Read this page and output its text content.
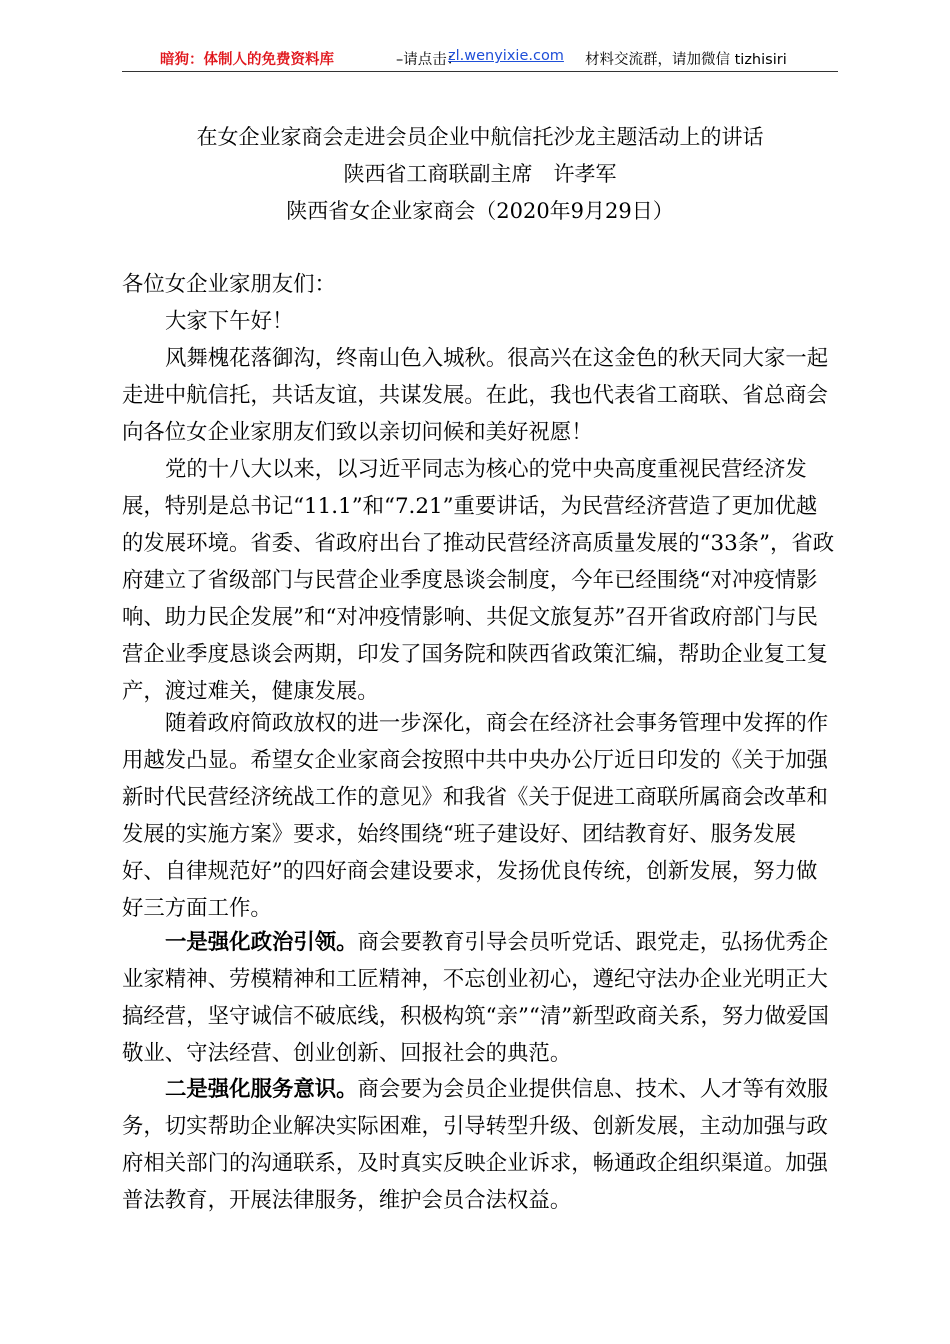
暗狗：体制人的免费资料库	–请点击：
zl.wenyixie.com 材料交流群，请加微信 tizhisiri
在女企业家商会走进会员企业中航信托沙龙主题活动上的讲话
陕西省工商联副主席　许孝军
陕西省女企业家商会（2020年9月29日）

各位女企业家朋友们：

大家下午好！

风舞槐花落御沟，终南山色入城秋。很高兴在这金色的秋天同大家一起走进中航信托，共话友谊，共谋发展。在此，我也代表省工商联、省总商会向各位女企业家朋友们致以亲切问候和美好祝愿！

党的十八大以来，以习近平同志为核心的党中央高度重视民营经济发展，特别是总书记“11.1”和“7.21”重要讲话，为民营经济营造了更加优越的发展环境。省委、省政府出台了推动民营经济高质量发展的“33条”，省政府建立了省级部门与民营企业季度恳谈会制度，今年已经围绕“对冲疫情影响、助力民企发展”和“对冲疫情影响、共促文旅复苏”召开省政府部门与民营企业季度恳谈会两期，印发了国务院和陕西省政策汇编，帮助企业复工复产，渡过难关，健康发展。

随着政府简政放权的进一步深化，商会在经济社会事务管理中发挥的作用越发凸显。希望女企业家商会按照中共中央办公厅近日印发的《关于加强新时代民营经济统战工作的意见》和我省《关于促进工商联所属商会改革和发展的实施方案》要求，始终围绕“班子建设好、团结教育好、服务发展好、自律规范好”的四好商会建设要求，发扬优良传统，创新发展，努力做好三方面工作。

一是强化政治引领。商会要教育引导会员听党话、跟党走，弘扬优秀企业家精神、劳模精神和工匠精神，不忘创业初心，遵纪守法办企业光明正大搞经营，坚守诚信不破底线，积极构筑“亲”“清”新型政商关系，努力做爱国敬业、守法经营、创业创新、回报社会的典范。

二是强化服务意识。商会要为会员企业提供信息、技术、人才等有效服务，切实帮助企业解决实际困难，引导转型升级、创新发展，主动加强与政府相关部门的沟通联系，及时真实反映企业诉求，畅通政企组织渠道。加强普法教育，开展法律服务，维护会员合法权益。
